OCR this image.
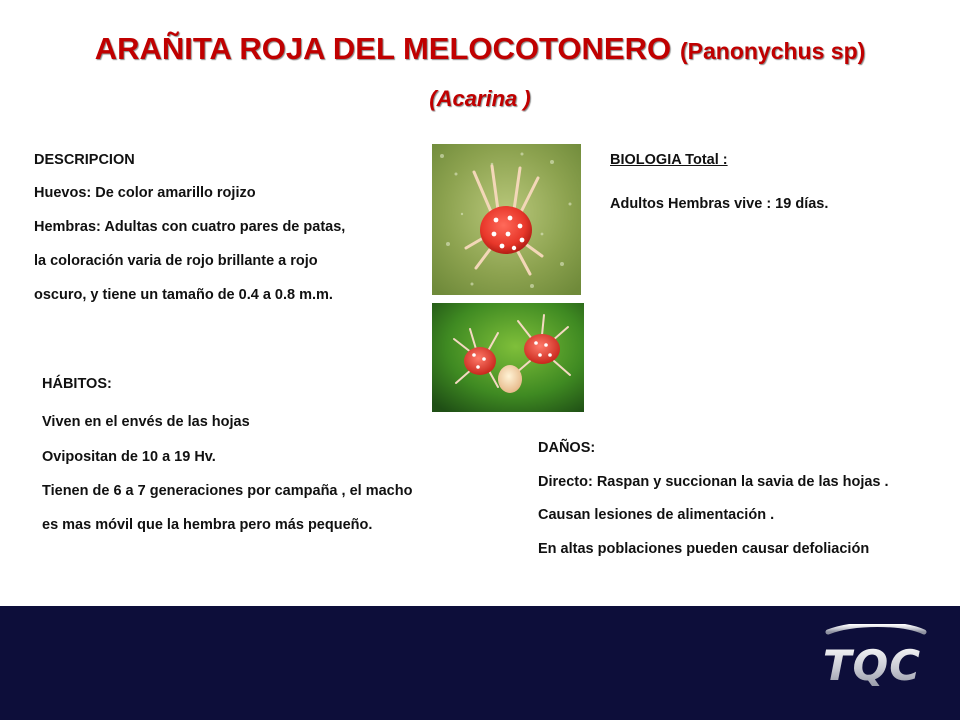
ARAÑITA ROJA DEL MELOCOTONERO (Panonychus sp)
(Acarina )
DESCRIPCION
Huevos: De color amarillo rojizo
Hembras: Adultas con cuatro pares de patas,
la coloración varia de rojo brillante a rojo
oscuro, y tiene un tamaño de 0.4 a 0.8 m.m.
BIOLOGIA Total :
Adultos Hembras vive : 19 días.
HÁBITOS:
Viven en el envés de las hojas
Ovipositan de 10 a 19 Hv.
Tienen de 6 a 7 generaciones por campaña , el macho
es mas móvil que la hembra pero más pequeño.
DAÑOS:
Directo: Raspan y succionan la savia de las hojas .
Causan lesiones de alimentación .
En altas poblaciones pueden causar defoliación
TQC
